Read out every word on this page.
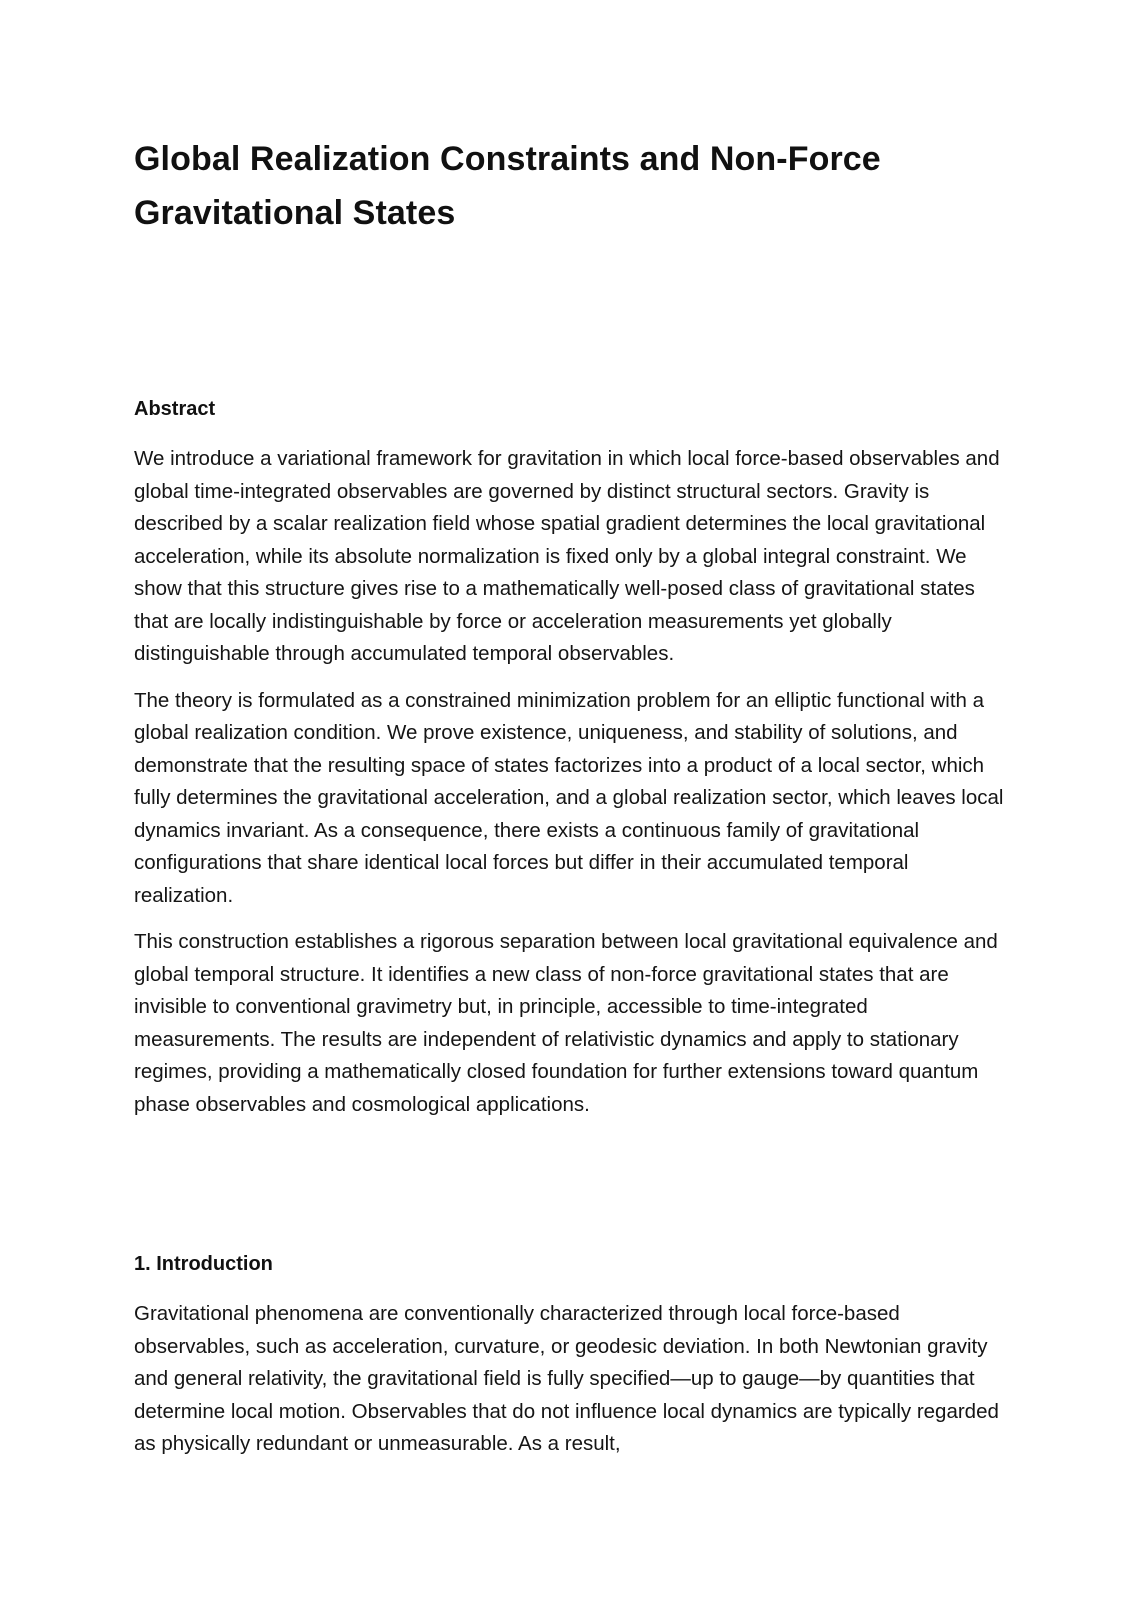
Global Realization Constraints and Non-Force Gravitational States
Abstract

We introduce a variational framework for gravitation in which local force-based observables and global time-integrated observables are governed by distinct structural sectors. Gravity is described by a scalar realization field whose spatial gradient determines the local gravitational acceleration, while its absolute normalization is fixed only by a global integral constraint. We show that this structure gives rise to a mathematically well-posed class of gravitational states that are locally indistinguishable by force or acceleration measurements yet globally distinguishable through accumulated temporal observables.

The theory is formulated as a constrained minimization problem for an elliptic functional with a global realization condition. We prove existence, uniqueness, and stability of solutions, and demonstrate that the resulting space of states factorizes into a product of a local sector, which fully determines the gravitational acceleration, and a global realization sector, which leaves local dynamics invariant. As a consequence, there exists a continuous family of gravitational configurations that share identical local forces but differ in their accumulated temporal realization.

This construction establishes a rigorous separation between local gravitational equivalence and global temporal structure. It identifies a new class of non-force gravitational states that are invisible to conventional gravimetry but, in principle, accessible to time-integrated measurements. The results are independent of relativistic dynamics and apply to stationary regimes, providing a mathematically closed foundation for further extensions toward quantum phase observables and cosmological applications.

1. Introduction

Gravitational phenomena are conventionally characterized through local force-based observables, such as acceleration, curvature, or geodesic deviation. In both Newtonian gravity and general relativity, the gravitational field is fully specified—up to gauge—by quantities that determine local motion. Observables that do not influence local dynamics are typically regarded as physically redundant or unmeasurable. As a result,
